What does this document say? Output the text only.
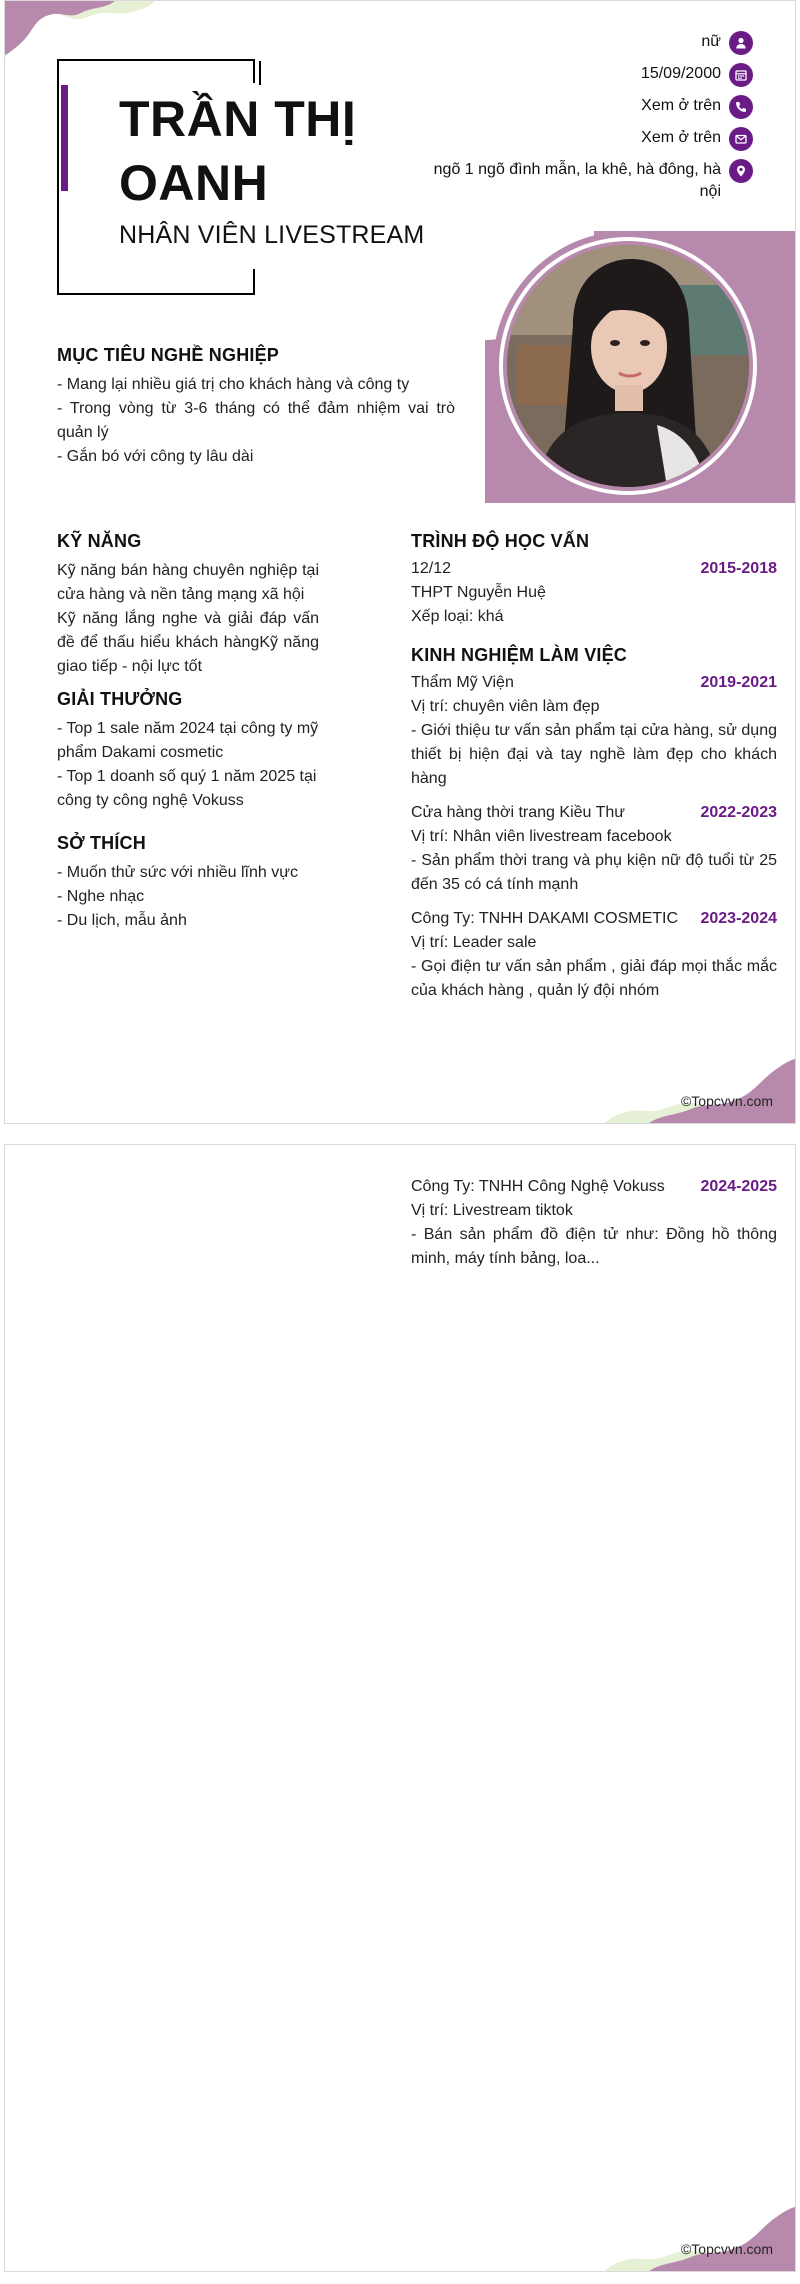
TRẦN THỊ
OANH
NHÂN VIÊN LIVESTREAM
nữ
15/09/2000
Xem ở trên
Xem ở trên
ngõ 1 ngõ đình mẫn, la khê, hà đông, hà nội
MỤC TIÊU NGHỀ NGHIỆP

- Mang lại nhiều giá trị cho khách hàng và công ty

- Trong vòng từ 3-6 tháng có thể đảm nhiệm vai trò quản lý

- Gắn bó với công ty lâu dài

KỸ NĂNG

Kỹ năng bán hàng chuyên nghiệp tại cửa hàng và nền tảng mạng xã hội

Kỹ năng lắng nghe và giải đáp vấn đề để thấu hiểu khách hàngKỹ năng giao tiếp - nội lực tốt

GIẢI THƯỞNG

- Top 1 sale năm 2024 tại công ty mỹ phẩm Dakami cosmetic

- Top 1 doanh số quý 1 năm 2025 tại công ty công nghệ Vokuss

SỞ THÍCH

- Muốn thử sức với nhiều lĩnh vực

- Nghe nhạc

- Du lịch, mẫu ảnh

TRÌNH ĐỘ HỌC VẤN
12/12	2015-2018
THPT Nguyễn Huệ
Xếp loại: khá
KINH NGHIỆM LÀM VIỆC
Thẩm Mỹ Viện	2019-2021

Vị trí: chuyên viên làm đẹp

- Giới thiệu tư vấn sản phẩm tại cửa hàng, sử dụng thiết bị hiện đại và tay nghề làm đẹp cho khách hàng

Cửa hàng thời trang Kiều Thư	2022-2023

Vị trí: Nhân viên livestream facebook

- Sản phẩm thời trang và phụ kiện nữ độ tuổi từ 25 đến 35 có cá tính mạnh

Công Ty: TNHH DAKAMI COSMETIC 2023-2024

Vị trí: Leader sale

- Gọi điện tư vấn sản phẩm , giải đáp mọi thắc mắc của khách hàng , quản lý đội nhóm

©Topcvvn.com
Công Ty: TNHH Công Nghệ Vokuss 2024-2025

Vị trí: Livestream tiktok

- Bán sản phẩm đồ điện tử như: Đồng hồ thông minh, máy tính bảng, loa...

©Topcvvn.com
